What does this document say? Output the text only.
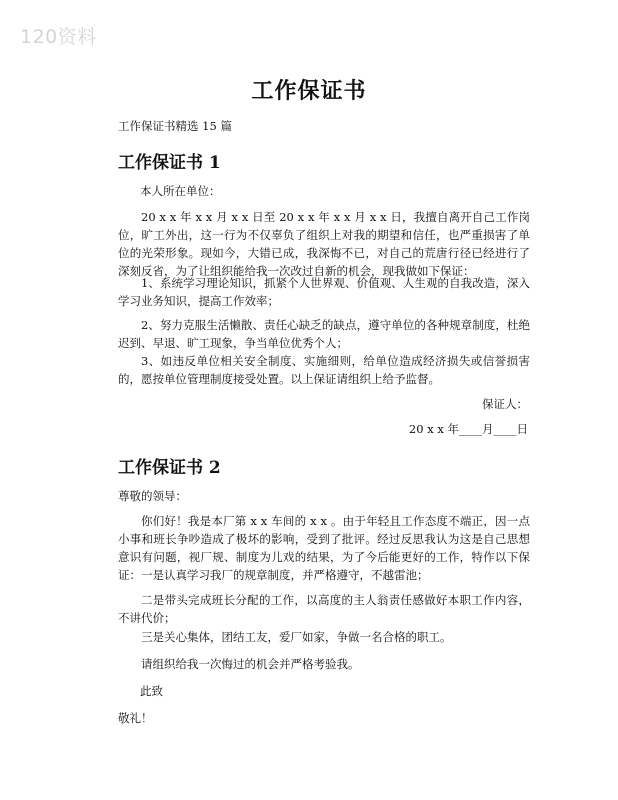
120资料
工作保证书
工作保证书精选 15 篇
工作保证书 1
本人所在单位：
20 x x 年 x x 月 x x 日至 20 x x 年 x x 月 x x 日，我擅自离开自己工作岗位，旷工外出，这一行为不仅辜负了组织上对我的期望和信任，也严重损害了单位的光荣形象。现如今，大错已成，我深悔不已，对自己的荒唐行径已经进行了深刻反省，为了让组织能给我一次改过自新的机会，现我做如下保证：
1、系统学习理论知识，抓紧个人世界观、价值观、人生观的自我改造，深入学习业务知识，提高工作效率；
2、努力克服生活懒散、责任心缺乏的缺点，遵守单位的各种规章制度，杜绝迟到、早退、旷工现象，争当单位优秀个人；
3、如违反单位相关安全制度、实施细则，给单位造成经济损失或信誉损害的，愿按单位管理制度接受处置。以上保证请组织上给予监督。
保证人：
20 x x 年____月____日
工作保证书 2
尊敬的领导：
你们好！我是本厂第 x x 车间的 x x 。由于年轻且工作态度不端正，因一点小事和班长争吵造成了极坏的影响，受到了批评。经过反思我认为这是自己思想意识有问题，视厂规、制度为儿戏的结果，为了今后能更好的工作，特作以下保证： 一是认真学习我厂的规章制度，并严格遵守，不越雷池；
二是带头完成班长分配的工作，以高度的主人翁责任感做好本职工作内容，不讲代价；
三是关心集体，团结工友，爱厂如家，争做一名合格的职工。
请组织给我一次悔过的机会并严格考验我。
此致
敬礼！
